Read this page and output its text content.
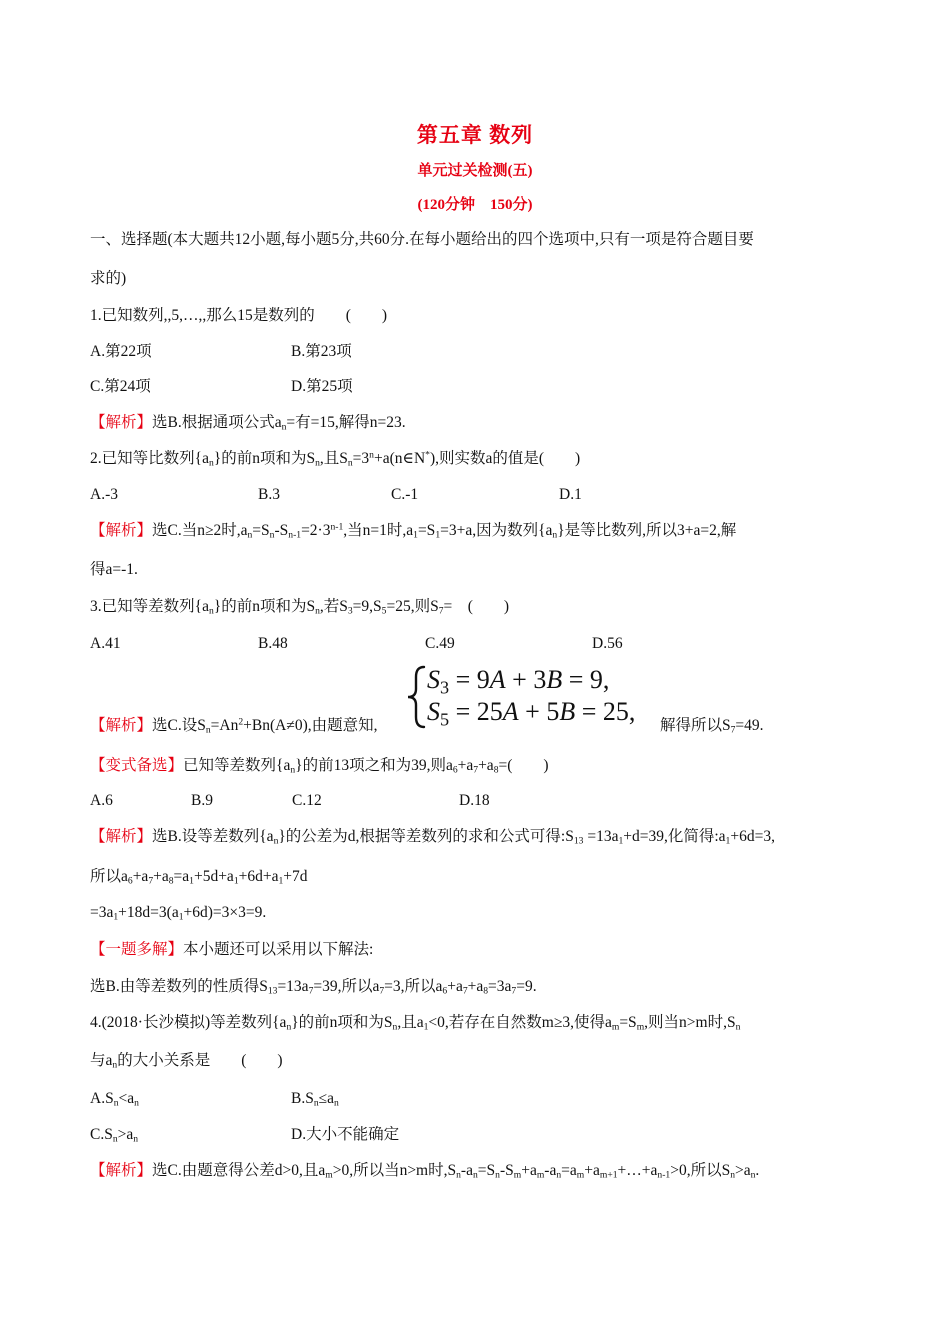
第五章 数列
单元过关检测(五)
(120分钟　150分)
一、选择题(本大题共12小题,每小题5分,共60分.在每小题给出的四个选项中,只有一项是符合题目要
求的)
1.已知数列,,5,…,,那么15是数列的　　(　　)
A.第22项	B.第23项
C.第24项	D.第25项
【解析】选B.根据通项公式$a_n=$有=15,解得n=23.
2.已知等比数列$\{a_n\}$的前n项和为$S_n$,且$S_n=3^n+a(n\in N^*)$,则实数a的值是(　　)
A.-3	B.3	C.-1	D.1
【解析】选C.当n≥2时$,a_n=S_n-S_{n-1}=2\cdot 3^{n-1}$,当n=1时$,a_1=S_1=3+a$,因为数列$\{a_n\}$是等比数列,所以3+a=2,解
得a=-1.
3.已知等差数列$\{a_n\}$的前n项和为$S_n$,若$S_3=9,S_5=25$,则$S_7=$　(　　)
A.41	B.48	C.49	D.56
$S_3 = 9A + 3B = 9$,
$S_5 = 25A + 5B = 25$,
【解析】选C.设$S_n=An^2+Bn(A\ne 0)$,由题意知,	解得所以$S_7=49$.
【变式备选】已知等差数列$\{a_n\}$的前13项之和为39,则$a_6+a_7+a_8=$(　　)
A.6	B.9	C.12	D.18
【解析】选B.设等差数列$\{a_n\}$的公差为d,根据等差数列的求和公式可得$:S_{13} =13a_1+d=39$,化简得$:a_1+6d=3$,
所以$a_6+a_7+a_8=a_1+5d+a_1+6d+a_1+7d$
$=3a_1+18d=3(a_1+6d)=3\times 3=9$.
【一题多解】本小题还可以采用以下解法:
选B.由等差数列的性质得$S_{13}=13a_7=39$,所以$a_7=3$,所以$a_6+a_7+a_8=3a_7=9$.
4.(2018·长沙模拟)等差数列$\{a_n\}$的前n项和为$S_n$,且$a_1<0$,若存在自然数m≥3,使得$a_m=S_m$,则当n>m时$,S_n$
与$a_n$的大小关系是　　(　　)
$A.S_n<a_n$	$B.S_n\le a_n$
$C.S_n>a_n$	D.大小不能确定
【解析】选C.由题意得公差d>0,且$a_m>0$,所以当n>m时$,S_n-a_n=S_n-S_m+a_m-a_n=a_m+a_{m+1}+\dots+a_{n-1}>0$,所以$S_n>a_n$.
